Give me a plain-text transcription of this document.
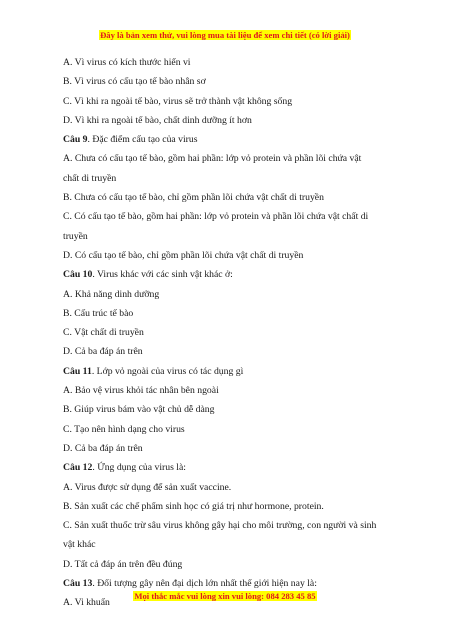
Đây là bản xem thử, vui lòng mua tài liệu để xem chi tiết (có lời giải)
A. Vì virus có kích thước hiển vi
B. Vì virus có cấu tạo tế bào nhân sơ
C. Vì khi ra ngoài tế bào, virus sẽ trở thành vật không sống
D. Vì khi ra ngoài tế bào, chất dinh dưỡng ít hơn
Câu 9. Đặc điểm cấu tạo của virus
A. Chưa có cấu tạo tế bào, gồm hai phần: lớp vỏ protein và phần lõi chứa vật
chất di truyền
B. Chưa có cấu tạo tế bào, chỉ gồm phần lõi chứa vật chất di truyền
C. Có cấu tạo tế bào, gồm hai phần: lớp vỏ protein và phần lõi chứa vật chất di
truyền
D. Có cấu tạo tế bào, chỉ gồm phần lõi chứa vật chất di truyền
Câu 10. Virus khác với các sinh vật khác ở:
A. Khả năng dinh dưỡng
B. Cấu trúc tế bào
C. Vật chất di truyền
D. Cả ba đáp án trên
Câu 11. Lớp vỏ ngoài của virus có tác dụng gì
A. Bảo vệ virus khỏi tác nhân bên ngoài
B. Giúp virus bám vào vật chủ dễ dàng
C. Tạo nên hình dạng cho virus
D. Cả ba đáp án trên
Câu 12. Ứng dụng của virus là:
A. Virus được sử dụng để sản xuất vaccine.
B. Sản xuất các chế phẩm sinh học có giá trị như hormone, protein.
C. Sản xuất thuốc trừ sâu virus không gây hại cho môi trường, con người và sinh
vật khác
D. Tất cả đáp án trên đều đúng
Câu 13. Đối tượng gây nên đại dịch lớn nhất thế giới hiện nay là:
A. Vi khuẩn
Mọi thắc mắc vui lòng xin vui lòng: 084 283 45 85
